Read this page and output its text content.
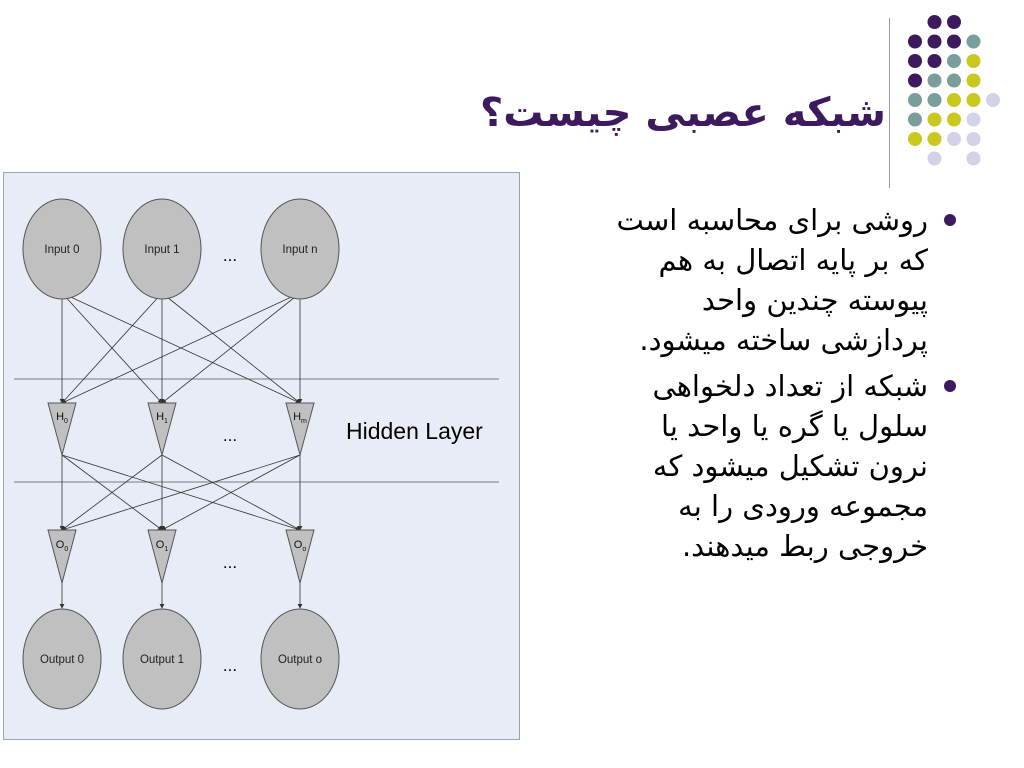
شبکه عصبی چیست؟
روشی برای محاسبه است
که بر پایه اتصال به هم
پیوسته چندین واحد
پردازشی ساخته میشود.
شبکه از تعداد دلخواهی
سلول یا گره یا واحد یا
نرون تشکیل میشود که
مجموعه ورودی را به
خروجی ربط میدهند.
Input 0	Input 1	Input n
...
$H_0$	$H_1$	$H_m$
...	Hidden Layer
$O_0$	$O_1$	$O_o$
...
Output 0	Output 1	Output o
...
